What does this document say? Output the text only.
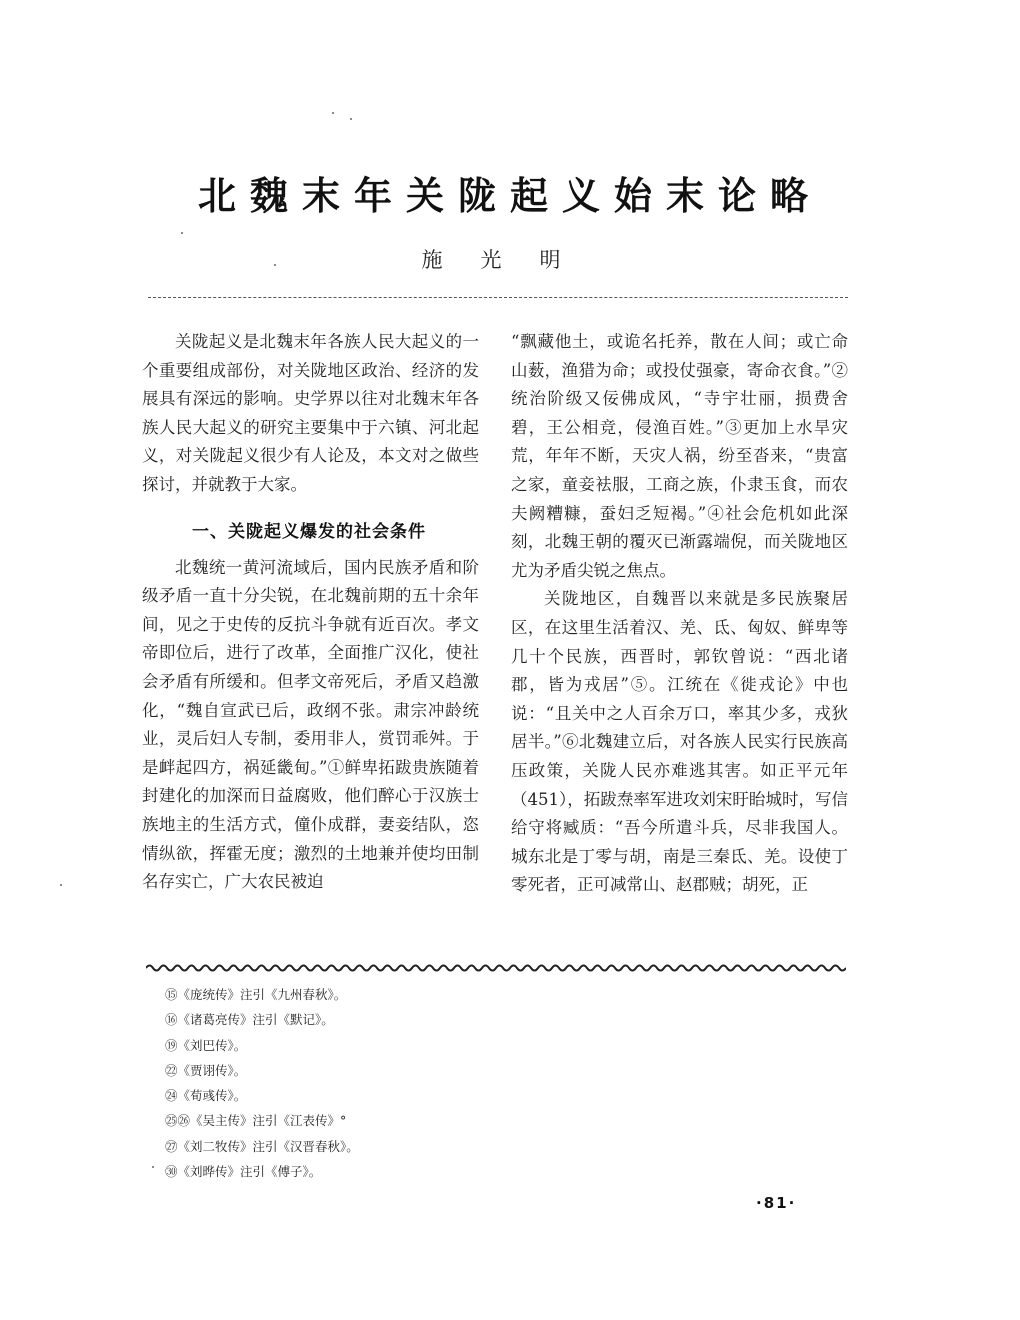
北魏末年关陇起义始末论略
施光明

关陇起义是北魏末年各族人民大起义的一个重要组成部份，对关陇地区政治、经济的发展具有深远的影响。史学界以往对北魏末年各族人民大起义的研究主要集中于六镇、河北起义，对关陇起义很少有人论及，本文对之做些探讨，并就教于大家。

一、关陇起义爆发的社会条件

北魏统一黄河流域后，国内民族矛盾和阶级矛盾一直十分尖锐，在北魏前期的五十余年间，见之于史传的反抗斗争就有近百次。孝文帝即位后，进行了改革，全面推广汉化，使社会矛盾有所缓和。但孝文帝死后，矛盾又趋激化，“魏自宣武已后，政纲不张。肃宗冲龄统业，灵后妇人专制，委用非人，赏罚乖舛。于是衅起四方，祸延畿甸。”①鲜卑拓跋贵族随着封建化的加深而日益腐败，他们醉心于汉族士族地主的生活方式，僮仆成群，妻妾结队，恣情纵欲，挥霍无度；激烈的土地兼并使均田制名存实亡，广大农民被迫

“飘藏他土，或诡名托养，散在人间；或亡命山薮，渔猎为命；或投仗强豪，寄命衣食。”②统治阶级又佞佛成风，“寺宇壮丽，损费舍碧，王公相竞，侵渔百姓。”③更加上水旱灾荒，年年不断，天灾人祸，纷至沓来，“贵富之家，童妾袪服，工商之族，仆隶玉食，而农夫阙糟糠，蚕妇乏短褐。”④社会危机如此深刻，北魏王朝的覆灭已渐露端倪，而关陇地区尤为矛盾尖锐之焦点。

关陇地区，自魏晋以来就是多民族聚居区，在这里生活着汉、羌、氐、匈奴、鲜卑等几十个民族，西晋时，郭钦曾说：“西北诸郡，皆为戎居”⑤。江统在《徙戎论》中也说：“且关中之人百余万口，率其少多，戎狄居半。”⑥北魏建立后，对各族人民实行民族高压政策，关陇人民亦难逃其害。如正平元年（451），拓跋焘率军进攻刘宋盱眙城时，写信给守将臧质：“吾今所遣斗兵，尽非我国人。城东北是丁零与胡，南是三秦氐、羌。设使丁零死者，正可减常山、赵郡贼；胡死，正

⑮《庞统传》注引《九州春秋》。
⑯《诸葛亮传》注引《默记》。
⑲《刘巴传》。
㉒《贾诩传》。
㉔《荀彧传》。
㉕㉖《吴主传》注引《江表传》°
㉗《刘二牧传》注引《汉晋春秋》。
㉚《刘晔传》注引《傅子》。
·81·
